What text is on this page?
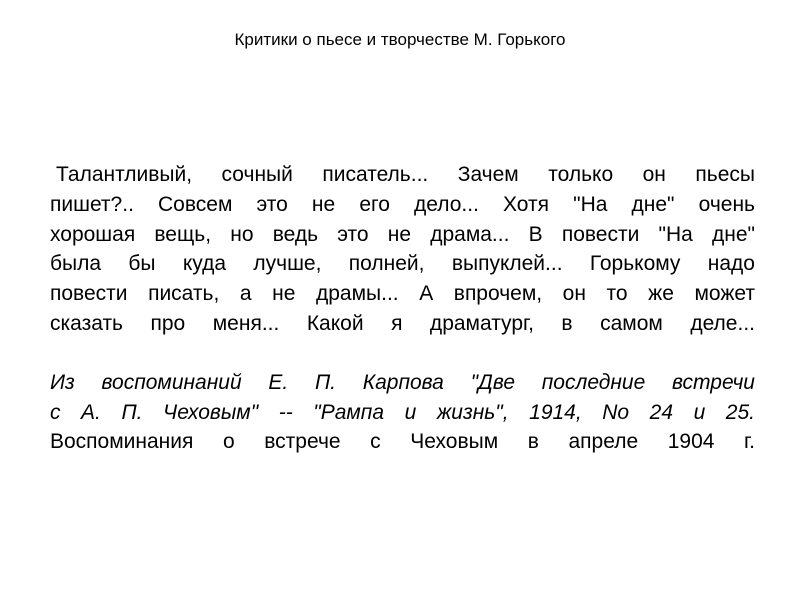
Критики о пьесе и творчестве М. Горького

Талантливый, сочный писатель... Зачем только он пьесы
пишет?.. Совсем это не его дело... Хотя "На дне" очень
хорошая вещь, но ведь это не драма... В повести "На дне"
была бы куда лучше, полней, выпуклей... Горькому надо
повести писать, а не драмы... А впрочем, он то же может
сказать про меня... Какой я драматург, в самом деле...

Из воспоминаний Е. П. Карпова "Две последние встречи
с А. П. Чеховым" -- "Рампа и жизнь", 1914, No 24 и 25.
Воспоминания о встрече с Чеховым в апреле 1904 г.
